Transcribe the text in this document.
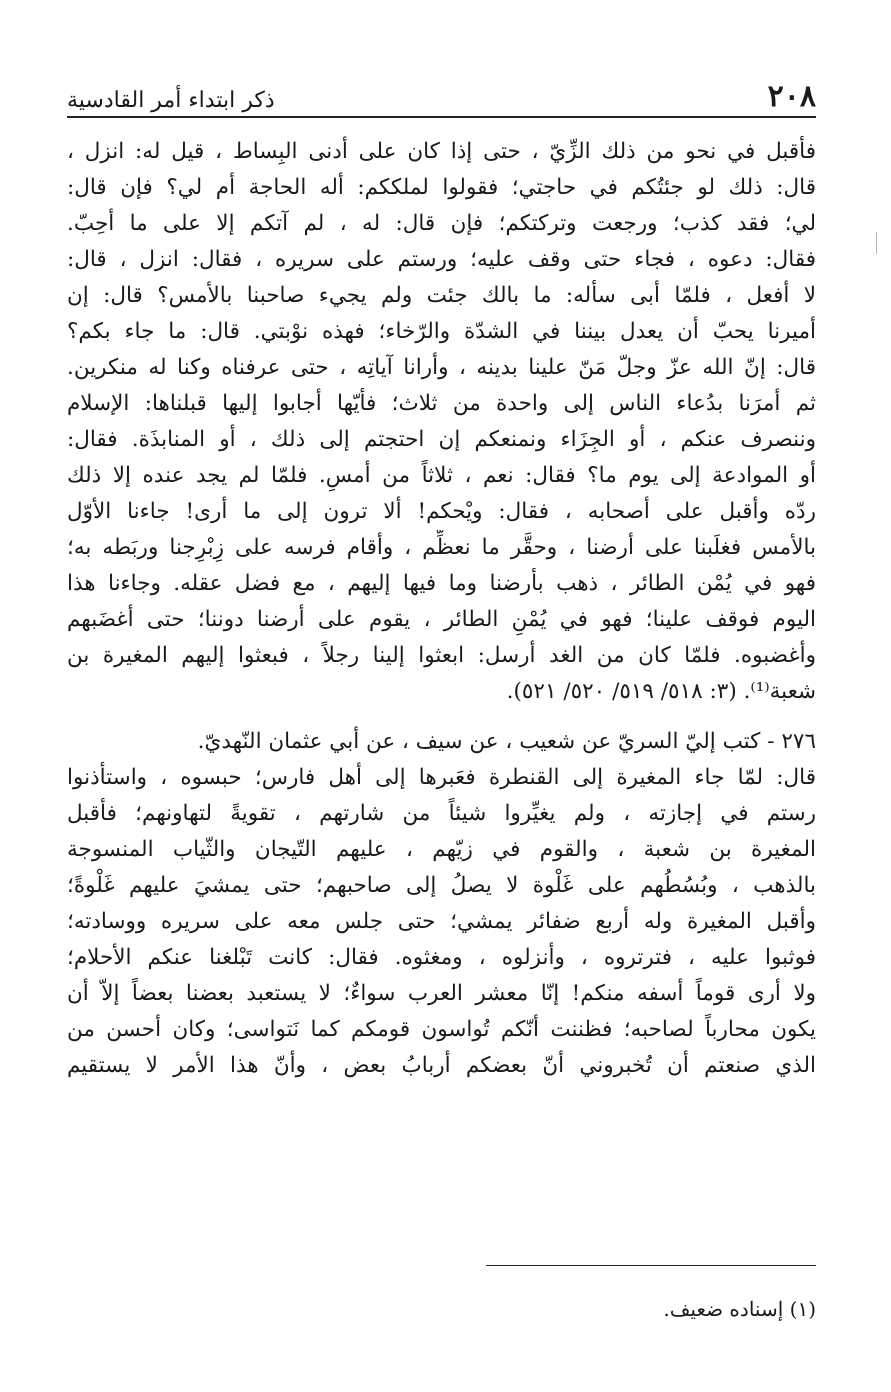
٢٠٨
ذكر ابتداء أمر القادسية
فأقبل في نحو من ذلك الزِّيّ ، حتى إذا كان على أدنى البِساط ، قيل له: انزل ،
قال: ذلك لو جئتُكم في حاجتي؛ فقولوا لملككم: أله الحاجة أم لي؟ فإن قال:
لي؛ فقد كذب؛ ورجعت وتركتكم؛ فإن قال: له ، لم آتكم إلا على ما أحِبّ.
فقال: دعوه ، فجاء حتى وقف عليه؛ ورستم على سريره ، فقال: انزل ، قال:
لا أفعل ، فلمّا أبى سأله: ما بالك جئت ولم يجيء صاحبنا بالأمس؟ قال: إن
أميرنا يحبّ أن يعدل بيننا في الشدّة والرّخاء؛ فهذه نوْبتي. قال: ما جاء بكم؟
قال: إنّ الله عزّ وجلّ مَنّ علينا بدينه ، وأرانا آياتِه ، حتى عرفناه وكنا له منكرين.
ثم أمرَنا بدُعاء الناس إلى واحدة من ثلاث؛ فأيّها أجابوا إليها قبلناها: الإسلام
وننصرف عنكم ، أو الجِزَاء ونمنعكم إن احتجتم إلى ذلك ، أو المنابذَة. فقال:
أو الموادعة إلى يوم ما؟ فقال: نعم ، ثلاثاً من أمسِ. فلمّا لم يجد عنده إلا ذلك
ردّه وأقبل على أصحابه ، فقال: ويْحكم! ألا ترون إلى ما أرى! جاءنا الأوّل
بالأمس فغلَبنا على أرضنا ، وحقَّر ما نعظِّم ، وأقام فرسه على زِبْرِجنا وربَطه به؛
فهو في يُمْن الطائر ، ذهب بأرضنا وما فيها إليهم ، مع فضل عقله. وجاءنا هذا
اليوم فوقف علينا؛ فهو في يُمْنِ الطائر ، يقوم على أرضنا دوننا؛ حتى أغضَبهم
وأغضبوه. فلمّا كان من الغد أرسل: ابعثوا إلينا رجلاً ، فبعثوا إليهم المغيرة بن
شعبة⁽¹⁾. (٣: ٥١٨/ ٥١٩/ ٥٢٠/ ٥٢١).
٢٧٦ - كتب إليّ السريّ عن شعيب ، عن سيف ، عن أبي عثمان النّهديّ.
قال: لمّا جاء المغيرة إلى القنطرة فعَبرها إلى أهل فارس؛ حبسوه ، واستأذنوا
رستم في إجازته ، ولم يغيِّروا شيئاً من شارتهم ، تقويةً لتهاونهم؛ فأقبل
المغيرة بن شعبة ، والقوم في زيّهم ، عليهم التّيجان والثّياب المنسوجة
بالذهب ، وبُسُطُهم على غَلْوة لا يصلُ إلى صاحبهم؛ حتى يمشيَ عليهم غَلْوةً؛
وأقبل المغيرة وله أربع ضفائر يمشي؛ حتى جلس معه على سريره ووسادته؛
فوثبوا عليه ، فترتروه ، وأنزلوه ، ومغثوه. فقال: كانت تَبْلغنا عنكم الأحلام؛
ولا أرى قوماً أسفه منكم! إنّا معشر العرب سواءٌ؛ لا يستعبد بعضنا بعضاً إلاّ أن
يكون محارباً لصاحبه؛ فظننت أنّكم تُواسون قومكم كما نَتواسى؛ وكان أحسن من
الذي صنعتم أن تُخبروني أنّ بعضكم أربابُ بعض ، وأنّ هذا الأمر لا يستقيم
(١) إسناده ضعيف.
